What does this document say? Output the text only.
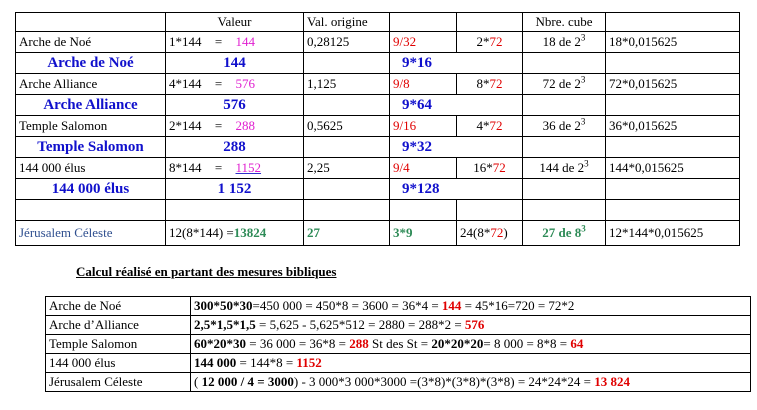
	Valeur	Val. origine			Nbre. cube	
Arche de Noé	1*144 = 144	0,28125	9/32	2*72	18 de $2^3$	18*0,015625
Arche de Noé	144		9*16			
Arche Alliance	4*144 = 576	1,125	9/8	8*72	72 de $2^3$	72*0,015625
Arche Alliance	576		9*64			
Temple Salomon	2*144 = 288	0,5625	9/16	4*72	36 de $2^3$	36*0,015625
Temple Salomon	288		9*32			
144 000 élus	8*144 = 1152	2,25	9/4	16*72	144 de $2^3$	144*0,015625
144 000 élus	1 152		9*128			

Jérusalem Céleste	12(8*144) =13824	27	3*9	24(8*72)	27 de $8^3$	12*144*0,015625
Calcul réalisé en partant des mesures bibliques
Arche de Noé	300*50*30=450 000 = 450*8 = 3600 = 36*4 = 144 = 45*16=720 = 72*2
Arche d’Alliance	2,5*1,5*1,5 = 5,625 - 5,625*512 = 2880 = 288*2 = 576
Temple Salomon	60*20*30 = 36 000 = 36*8 = 288 St des St = 20*20*20= 8 000 = 8*8 = 64
144 000 élus	144 000 = 144*8 = 1152
Jérusalem Céleste	( 12 000 / 4 = 3000) - 3 000*3 000*3000 =(3*8)*(3*8)*(3*8) = 24*24*24 = 13 824
